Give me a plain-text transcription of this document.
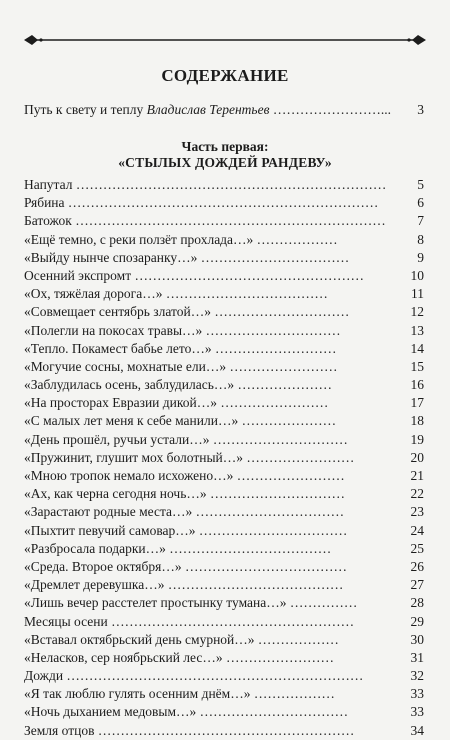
СОДЕРЖАНИЕ
Путь к свету и теплу Владислав Терентьев ……………………... 3
Часть первая:
«СТЫЛЫХ ДОЖДЕЙ РАНДЕВУ»
Напутал …………………………………………………………… 5
Рябина ……………………………………………………………	6
Батожок …………………………………………………………… 7
«Ещё темно, с реки ползёт прохлада…» ………………	8
«Выйду нынче спозаранку…» ……………………………	9
Осенний экспромт ……………………………………………	10
«Ох, тяжёлая дорога…» ………………………………	11
«Совмещает сентябрь златой…» …………………………	12
«Полегли на покосах травы…» …………………………	13
«Тепло. Покамест бабье лето…» ………………………	14
«Могучие сосны, мохнатые ели…» ……………………	15
«Заблудилась осень, заблудилась…» …………………	16
«На просторах Евразии дикой…» ……………………	17
«С малых лет меня к себе манили…» …………………	18
«День прошёл, ручьи устали…» …………………………	19
«Пружинит, глушит мох болотный…» ……………………	20
«Мною тропок немало исхожено…» ……………………	21
«Ах, как черна сегодня ночь…» …………………………	22
«Зарастают родные места…» ……………………………	23
«Пыхтит певучий самовар…» ……………………………	24
«Разбросала подарки…» ………………………………	25
«Среда. Второе октября…» ………………………………	26
«Дремлет деревушка…» …………………………………	27
«Лишь вечер расстелет простынку тумана…» ……………	28
Месяцы осени ………………………………………………	29
«Вставал октябрьский день смурной…» ………………	30
«Неласков, сер ноябрьский лес…» ……………………	31
Дожди …………………………………………………………	32
«Я так люблю гулять осенним днём…» ………………	33
«Ночь дыханием медовым…» ……………………………	33
Земля отцов …………………………………………………	34
